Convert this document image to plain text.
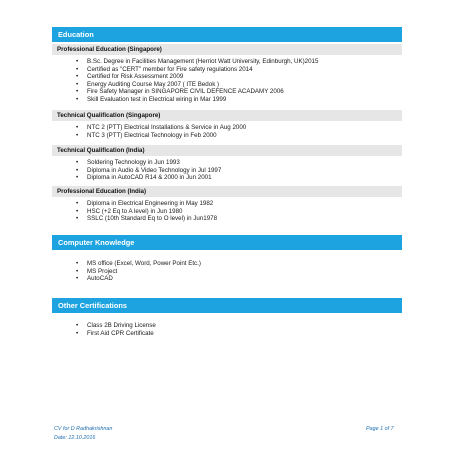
Education
Professional Education (Singapore)
• B.Sc. Degree in Facilities Management (Herriot Watt University, Edinburgh, UK)2015
• Certified as "CERT" member for Fire safety regulations 2014
• Certified for Risk Assessment 2009
• Energy Auditing Course May 2007 ( ITE Bedok )
• Fire Safety Manager in SINGAPORE CIVIL DEFENCE ACADAMY 2006
• Skill Evaluation test in Electrical wiring in Mar 1999
Technical Qualification (Singapore)
• NTC 2 (PTT) Electrical Installations & Service in Aug 2000
• NTC 3 (PTT) Electrical Technology in Feb 2000
Technical Qualification (India)
• Soldering Technology in Jun 1993
• Diploma in Audio & Video Technology in Jul 1997
• Diploma in AutoCAD R14 & 2000 in Jun 2001
Professional Education (India)
• Diploma in Electrical Engineering in May 1982
• HSC (+2 Eq to A level) in Jun 1980
• SSLC (10th Standard Eq to O level) in Jun1978
Computer Knowledge
• MS office (Excel, Word, Power Point Etc.)
• MS Project
• AutoCAD
Other Certifications
• Class 2B Driving License
• First Aid CPR Certificate
CV for D Radhakrishnan
Date: 12.10.2016
Page 1 of 7
